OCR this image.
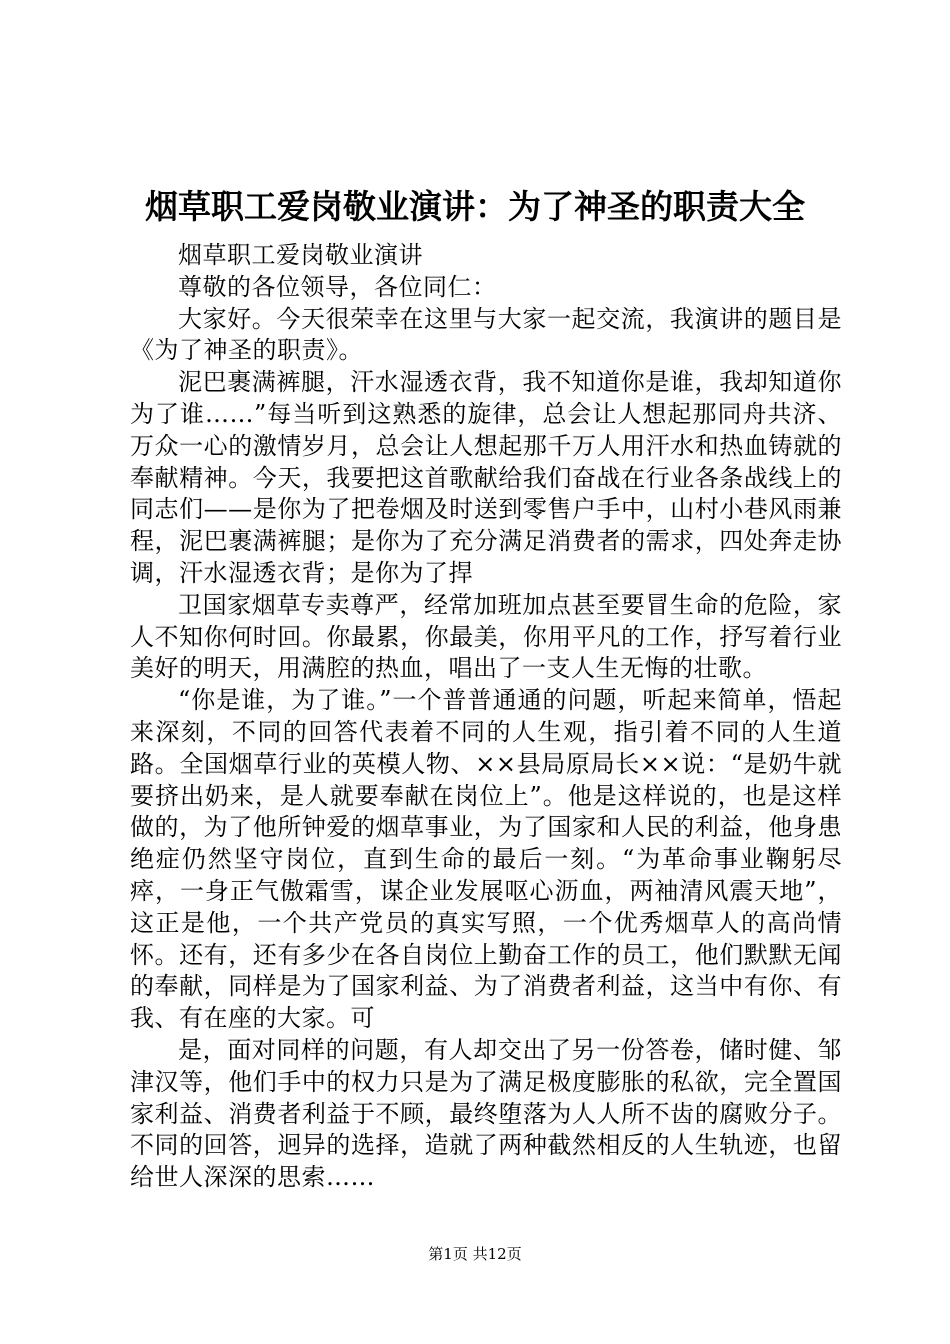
烟草职工爱岗敬业演讲：为了神圣的职责大全

烟草职工爱岗敬业演讲

尊敬的各位领导，各位同仁：

大家好。今天很荣幸在这里与大家一起交流，我演讲的题目是《为了神圣的职责》。

泥巴裹满裤腿，汗水湿透衣背，我不知道你是谁，我却知道你为了谁……”每当听到这熟悉的旋律，总会让人想起那同舟共济、万众一心的激情岁月，总会让人想起那千万人用汗水和热血铸就的奉献精神。今天，我要把这首歌献给我们奋战在行业各条战线上的同志们——是你为了把卷烟及时送到零售户手中，山村小巷风雨兼程，泥巴裹满裤腿；是你为了充分满足消费者的需求，四处奔走协调，汗水湿透衣背；是你为了捍

卫国家烟草专卖尊严，经常加班加点甚至要冒生命的危险，家人不知你何时回。你最累，你最美，你用平凡的工作，抒写着行业美好的明天，用满腔的热血，唱出了一支人生无悔的壮歌。

“你是谁，为了谁。”一个普普通通的问题，听起来简单，悟起来深刻，不同的回答代表着不同的人生观，指引着不同的人生道路。全国烟草行业的英模人物、××县局原局长××说：“是奶牛就要挤出奶来，是人就要奉献在岗位上”。他是这样说的，也是这样做的，为了他所钟爱的烟草事业，为了国家和人民的利益，他身患绝症仍然坚守岗位，直到生命的最后一刻。“为革命事业鞠躬尽瘁，一身正气傲霜雪，谋企业发展呕心沥血，两袖清风震天地”，这正是他，一个共产党员的真实写照，一个优秀烟草人的高尚情怀。还有，还有多少在各自岗位上勤奋工作的员工，他们默默无闻的奉献，同样是为了国家利益、为了消费者利益，这当中有你、有我、有在座的大家。可

是，面对同样的问题，有人却交出了另一份答卷，储时健、邹津汉等，他们手中的权力只是为了满足极度膨胀的私欲，完全置国家利益、消费者利益于不顾，最终堕落为人人所不齿的腐败分子。不同的回答，迥异的选择，造就了两种截然相反的人生轨迹，也留给世人深深的思索……

第1页 共12页
